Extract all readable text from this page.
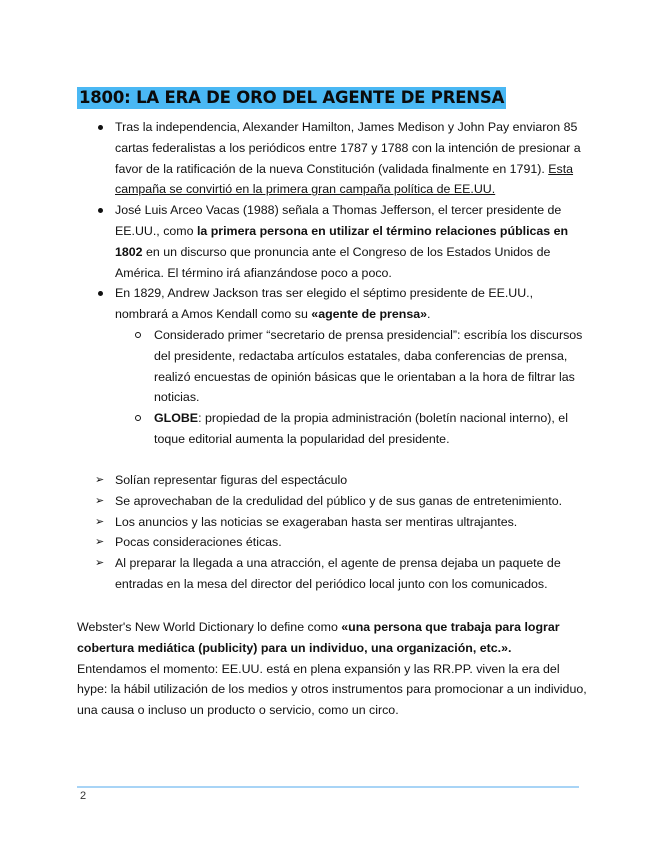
1800: LA ERA DE ORO DEL AGENTE DE PRENSA
Tras la independencia, Alexander Hamilton, James Medison y John Pay enviaron 85 cartas federalistas a los periódicos entre 1787 y 1788 con la intención de presionar a favor de la ratificación de la nueva Constitución (validada finalmente en 1791). Esta campaña se convirtió en la primera gran campaña política de EE.UU.
José Luis Arceo Vacas (1988) señala a Thomas Jefferson, el tercer presidente de EE.UU., como la primera persona en utilizar el término relaciones públicas en 1802 en un discurso que pronuncia ante el Congreso de los Estados Unidos de América. El término irá afianzándose poco a poco.
En 1829, Andrew Jackson tras ser elegido el séptimo presidente de EE.UU., nombrará a Amos Kendall como su «agente de prensa».
Considerado primer “secretario de prensa presidencial”: escribía los discursos del presidente, redactaba artículos estatales, daba conferencias de prensa, realizó encuestas de opinión básicas que le orientaban a la hora de filtrar las noticias.
GLOBE: propiedad de la propia administración (boletín nacional interno), el toque editorial aumenta la popularidad del presidente.
➢ Solían representar figuras del espectáculo
➢ Se aprovechaban de la credulidad del público y de sus ganas de entretenimiento.
➢ Los anuncios y las noticias se exageraban hasta ser mentiras ultrajantes.
➢ Pocas consideraciones éticas.
➢ Al preparar la llegada a una atracción, el agente de prensa dejaba un paquete de entradas en la mesa del director del periódico local junto con los comunicados.
Webster's New World Dictionary lo define como «una persona que trabaja para lograr cobertura mediática (publicity) para un individuo, una organización, etc.».
Entendamos el momento: EE.UU. está en plena expansión y las RR.PP. viven la era del hype: la hábil utilización de los medios y otros instrumentos para promocionar a un individuo, una causa o incluso un producto o servicio, como un circo.
2
